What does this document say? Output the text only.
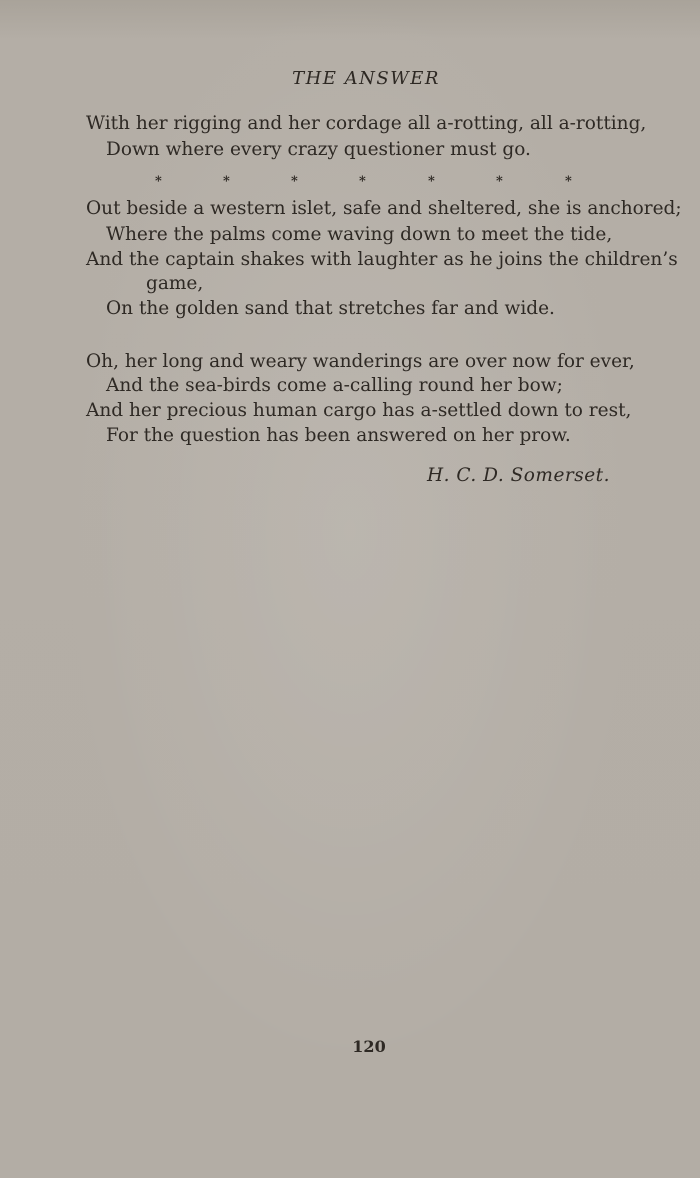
THE ANSWER
With her rigging and her cordage all a-rotting, all a-rotting,
Down where every crazy questioner must go.
*	*	*	*	*	*	*
Out beside a western islet, safe and sheltered, she is anchored;
Where the palms come waving down to meet the tide,
And the captain shakes with laughter as he joins the children’s
game,
On the golden sand that stretches far and wide.
Oh, her long and weary wanderings are over now for ever,
And the sea-birds come a-calling round her bow;
And her precious human cargo has a-settled down to rest,
For the question has been answered on her prow.
H. C. D. Somerset.
120
